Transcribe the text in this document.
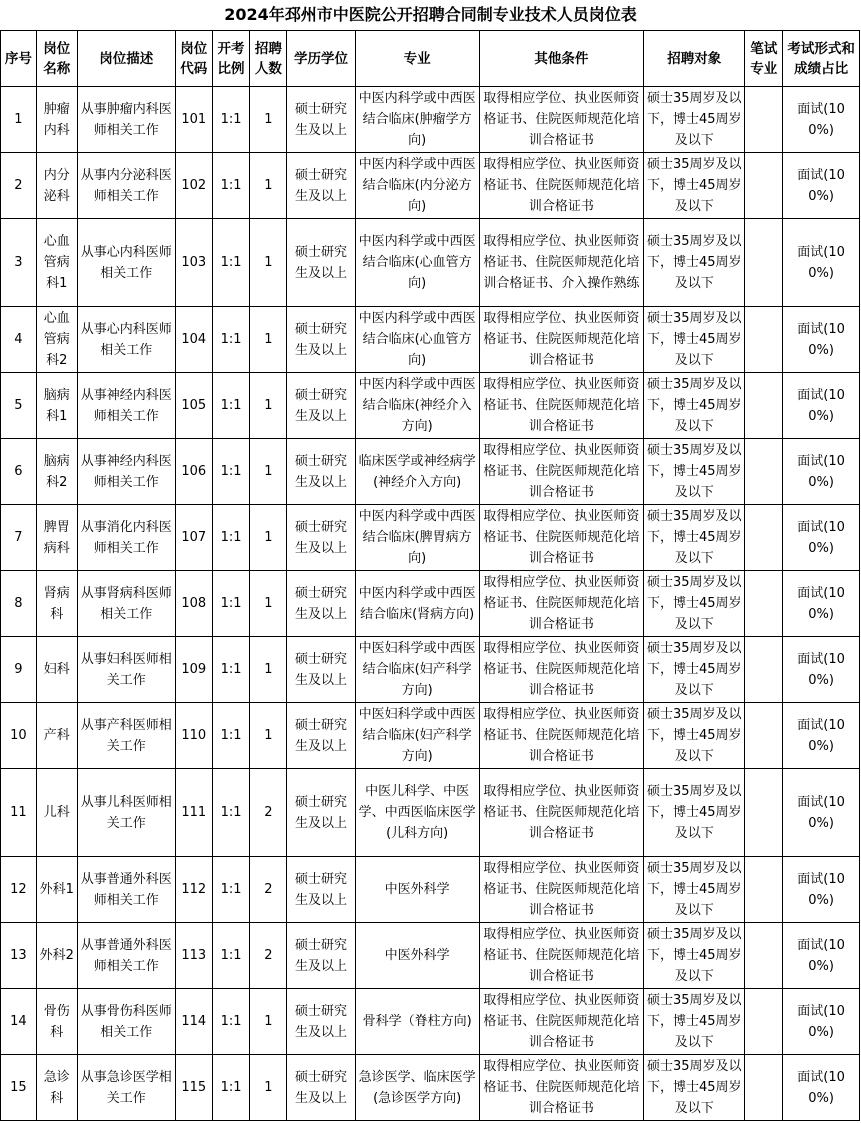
2024年邳州市中医院公开招聘合同制专业技术人员岗位表
序号	岗位名称	岗位描述	岗位代码	开考比例	招聘人数	学历学位	专业	其他条件	招聘对象	笔试专业	考试形式和成绩占比
1	肿瘤内科	从事肿瘤内科医师相关工作	101	1:1	1	硕士研究生及以上	中医内科学或中西医结合临床(肿瘤学方向)	取得相应学位、执业医师资格证书、住院医师规范化培训合格证书	硕士35周岁及以下，博士45周岁及以下		面试(100%)
2	内分泌科	从事内分泌科医师相关工作	102	1:1	1	硕士研究生及以上	中医内科学或中西医结合临床(内分泌方向)	取得相应学位、执业医师资格证书、住院医师规范化培训合格证书	硕士35周岁及以下，博士45周岁及以下		面试(100%)
3	心血管病科1	从事心内科医师相关工作	103	1:1	1	硕士研究生及以上	中医内科学或中西医结合临床(心血管方向)	取得相应学位、执业医师资格证书、住院医师规范化培训合格证书、介入操作熟练	硕士35周岁及以下，博士45周岁及以下		面试(100%)
4	心血管病科2	从事心内科医师相关工作	104	1:1	1	硕士研究生及以上	中医内科学或中西医结合临床(心血管方向)	取得相应学位、执业医师资格证书、住院医师规范化培训合格证书	硕士35周岁及以下，博士45周岁及以下		面试(100%)
5	脑病科1	从事神经内科医师相关工作	105	1:1	1	硕士研究生及以上	中医内科学或中西医结合临床(神经介入方向)	取得相应学位、执业医师资格证书、住院医师规范化培训合格证书	硕士35周岁及以下，博士45周岁及以下		面试(100%)
6	脑病科2	从事神经内科医师相关工作	106	1:1	1	硕士研究生及以上	临床医学或神经病学(神经介入方向)	取得相应学位、执业医师资格证书、住院医师规范化培训合格证书	硕士35周岁及以下，博士45周岁及以下		面试(100%)
7	脾胃病科	从事消化内科医师相关工作	107	1:1	1	硕士研究生及以上	中医内科学或中西医结合临床(脾胃病方向)	取得相应学位、执业医师资格证书、住院医师规范化培训合格证书	硕士35周岁及以下，博士45周岁及以下		面试(100%)
8	肾病科	从事肾病科医师相关工作	108	1:1	1	硕士研究生及以上	中医内科学或中西医结合临床(肾病方向)	取得相应学位、执业医师资格证书、住院医师规范化培训合格证书	硕士35周岁及以下，博士45周岁及以下		面试(100%)
9	妇科	从事妇科医师相关工作	109	1:1	1	硕士研究生及以上	中医妇科学或中西医结合临床(妇产科学方向)	取得相应学位、执业医师资格证书、住院医师规范化培训合格证书	硕士35周岁及以下，博士45周岁及以下		面试(100%)
10	产科	从事产科医师相关工作	110	1:1	1	硕士研究生及以上	中医妇科学或中西医结合临床(妇产科学方向)	取得相应学位、执业医师资格证书、住院医师规范化培训合格证书	硕士35周岁及以下，博士45周岁及以下		面试(100%)
11	儿科	从事儿科医师相关工作	111	1:1	2	硕士研究生及以上	中医儿科学、中医学、中西医临床医学(儿科方向)	取得相应学位、执业医师资格证书、住院医师规范化培训合格证书	硕士35周岁及以下，博士45周岁及以下		面试(100%)
12	外科1	从事普通外科医师相关工作	112	1:1	2	硕士研究生及以上	中医外科学	取得相应学位、执业医师资格证书、住院医师规范化培训合格证书	硕士35周岁及以下，博士45周岁及以下		面试(100%)
13	外科2	从事普通外科医师相关工作	113	1:1	2	硕士研究生及以上	中医外科学	取得相应学位、执业医师资格证书、住院医师规范化培训合格证书	硕士35周岁及以下，博士45周岁及以下		面试(100%)
14	骨伤科	从事骨伤科医师相关工作	114	1:1	1	硕士研究生及以上	骨科学（脊柱方向)	取得相应学位、执业医师资格证书、住院医师规范化培训合格证书	硕士35周岁及以下，博士45周岁及以下		面试(100%)
15	急诊科	从事急诊医学相关工作	115	1:1	1	硕士研究生及以上	急诊医学、临床医学(急诊医学方向)	取得相应学位、执业医师资格证书、住院医师规范化培训合格证书	硕士35周岁及以下，博士45周岁及以下		面试(100%)
